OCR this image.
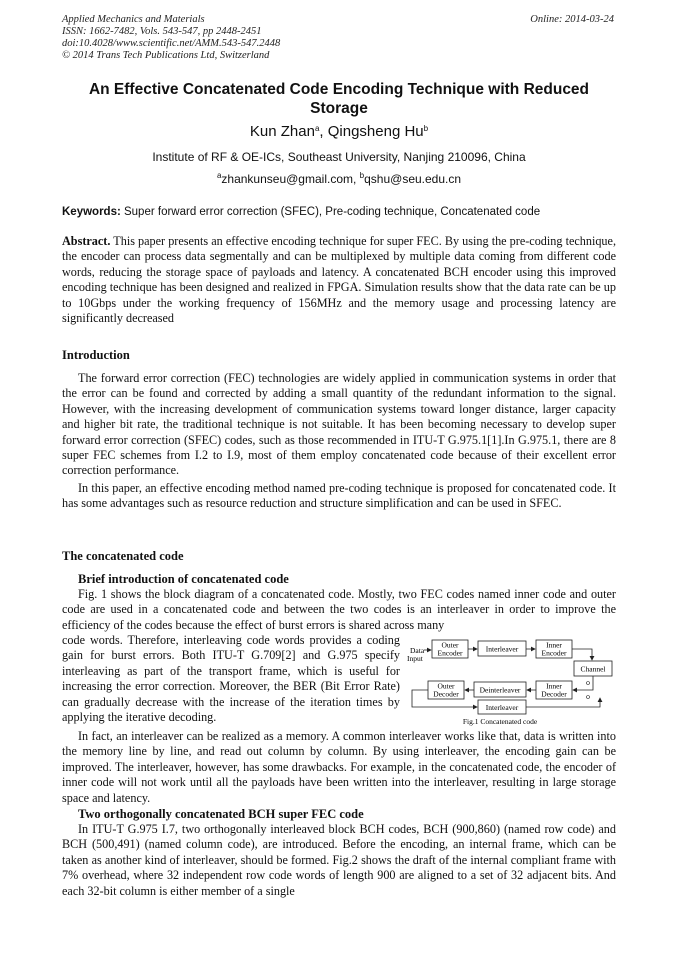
Applied Mechanics and Materials
ISSN: 1662-7482, Vols. 543-547, pp 2448-2451
doi:10.4028/www.scientific.net/AMM.543-547.2448
© 2014 Trans Tech Publications Ltd, Switzerland
Online: 2014-03-24
An Effective Concatenated Code Encoding Technique with Reduced Storage
Kun Zhan$^a$, Qingsheng Hu$^b$
Institute of RF & OE-ICs, Southeast University, Nanjing 210096, China
$^a$zhankunseu@gmail.com, $^b$qshu@seu.edu.cn
Keywords: Super forward error correction (SFEC), Pre-coding technique, Concatenated code
Abstract. This paper presents an effective encoding technique for super FEC. By using the pre-coding technique, the encoder can process data segmentally and can be multiplexed by multiple data coming from different code words, reducing the storage space of payloads and latency. A concatenated BCH encoder using this improved encoding technique has been designed and realized in FPGA. Simulation results show that the data rate can be up to 10Gbps under the working frequency of 156MHz and the memory usage and processing latency are significantly decreased
Introduction
The forward error correction (FEC) technologies are widely applied in communication systems in order that the error can be found and corrected by adding a small quantity of the redundant information to the signal. However, with the increasing development of communication systems toward longer distance, larger capacity and higher bit rate, the traditional technique is not suitable. It has been becoming necessary to develop super forward error correction (SFEC) codes, such as those recommended in ITU-T G.975.1[1].In G.975.1, there are 8 super FEC schemes from I.2 to I.9, most of them employ concatenated code because of their excellent error correction performance.
In this paper, an effective encoding method named pre-coding technique is proposed for concatenated code. It has some advantages such as resource reduction and structure simplification and can be used in SFEC.
The concatenated code
Brief introduction of concatenated code
Fig. 1 shows the block diagram of a concatenated code. Mostly, two FEC codes named inner code and outer code are used in a concatenated code and between the two codes is an interleaver in order to improve the efficiency of the codes because the effect of burst errors is shared across many
code words. Therefore, interleaving code words provides a coding gain for burst errors. Both ITU-T G.709[2] and G.975 specify interleaving as part of the transport frame, which is useful for increasing the error correction. Moreover, the BER (Bit Error Rate) can gradually decrease with the increase of the iteration times by applying the iterative decoding.
In fact, an interleaver can be realized as a memory. A common interleaver works like that, data is written into the memory line by line, and read out column by column. By using interleaver, the encoding gain can be improved. The interleaver, however, has some drawbacks. For example, in the concatenated code, the encoder of inner code will not work until all the payloads have been written into the interleaver, resulting in large storage space and latency.
Two orthogonally concatenated BCH super FEC code
In ITU-T G.975 I.7, two orthogonally interleaved block BCH codes, BCH (900,860) (named row code) and BCH (500,491) (named column code), are introduced. Before the encoding, an internal frame, which can be taken as another kind of interleaver, should be formed. Fig.2 shows the draft of the internal compliant frame with 7% overhead, where 32 independent row code words of length 900 are aligned to a set of 32 adjacent bits. And each 32-bit column is either member of a single
Data
Input
Outer
Encoder	Interleaver	Inner
Encoder
Channel
Inner
Decoder
Deinterleaver
Outer
Decoder
Interleaver
Fig.1 Concatenated code
